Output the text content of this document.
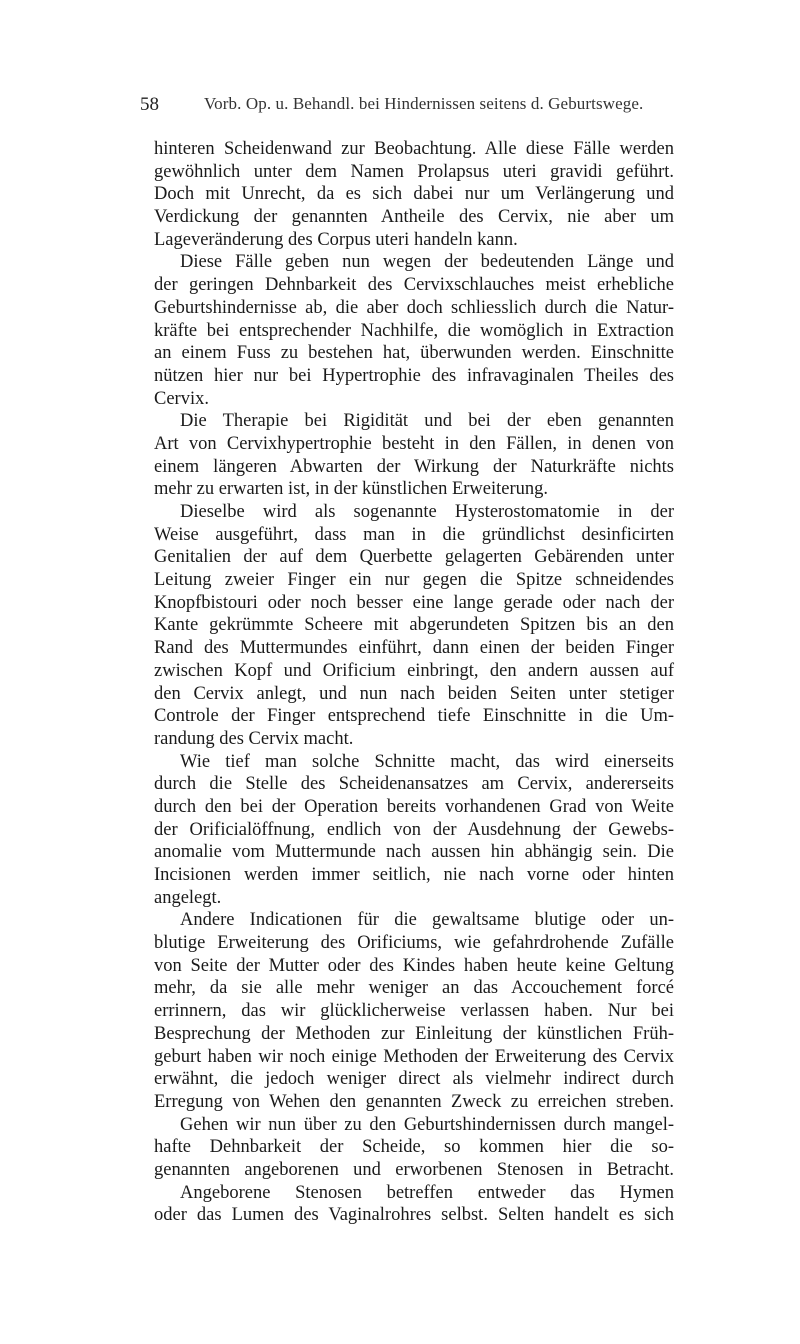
58	Vorb. Op. u. Behandl. bei Hindernissen seitens d. Geburtswege.
hinteren Scheidenwand zur Beobachtung. Alle diese Fälle werden
gewöhnlich unter dem Namen Prolapsus uteri gravidi geführt.
Doch mit Unrecht, da es sich dabei nur um Verlängerung und
Verdickung der genannten Antheile des Cervix, nie aber um
Lageveränderung des Corpus uteri handeln kann.
Diese Fälle geben nun wegen der bedeutenden Länge und
der geringen Dehnbarkeit des Cervixschlauches meist erhebliche
Geburtshindernisse ab, die aber doch schliesslich durch die Natur-
kräfte bei entsprechender Nachhilfe, die womöglich in Extraction
an einem Fuss zu bestehen hat, überwunden werden. Einschnitte
nützen hier nur bei Hypertrophie des infravaginalen Theiles des
Cervix.
Die Therapie bei Rigidität und bei der eben genannten
Art von Cervixhypertrophie besteht in den Fällen, in denen von
einem längeren Abwarten der Wirkung der Naturkräfte nichts
mehr zu erwarten ist, in der künstlichen Erweiterung.
Dieselbe wird als sogenannte Hysterostomatomie in der
Weise ausgeführt, dass man in die gründlichst desinficirten
Genitalien der auf dem Querbette gelagerten Gebärenden unter
Leitung zweier Finger ein nur gegen die Spitze schneidendes
Knopfbistouri oder noch besser eine lange gerade oder nach der
Kante gekrümmte Scheere mit abgerundeten Spitzen bis an den
Rand des Muttermundes einführt, dann einen der beiden Finger
zwischen Kopf und Orificium einbringt, den andern aussen auf
den Cervix anlegt, und nun nach beiden Seiten unter stetiger
Controle der Finger entsprechend tiefe Einschnitte in die Um-
randung des Cervix macht.
Wie tief man solche Schnitte macht, das wird einerseits
durch die Stelle des Scheidenansatzes am Cervix, andererseits
durch den bei der Operation bereits vorhandenen Grad von Weite
der Orificialöffnung, endlich von der Ausdehnung der Gewebs-
anomalie vom Muttermunde nach aussen hin abhängig sein. Die
Incisionen werden immer seitlich, nie nach vorne oder hinten
angelegt.
Andere Indicationen für die gewaltsame blutige oder un-
blutige Erweiterung des Orificiums, wie gefahrdrohende Zufälle
von Seite der Mutter oder des Kindes haben heute keine Geltung
mehr, da sie alle mehr weniger an das Accouchement forcé
errinnern, das wir glücklicherweise verlassen haben. Nur bei
Besprechung der Methoden zur Einleitung der künstlichen Früh-
geburt haben wir noch einige Methoden der Erweiterung des Cervix
erwähnt, die jedoch weniger direct als vielmehr indirect durch
Erregung von Wehen den genannten Zweck zu erreichen streben.
Gehen wir nun über zu den Geburtshindernissen durch mangel-
hafte Dehnbarkeit der Scheide, so kommen hier die so-
genannten angeborenen und erworbenen Stenosen in Betracht.
Angeborene Stenosen betreffen entweder das Hymen
oder das Lumen des Vaginalrohres selbst. Selten handelt es sich
